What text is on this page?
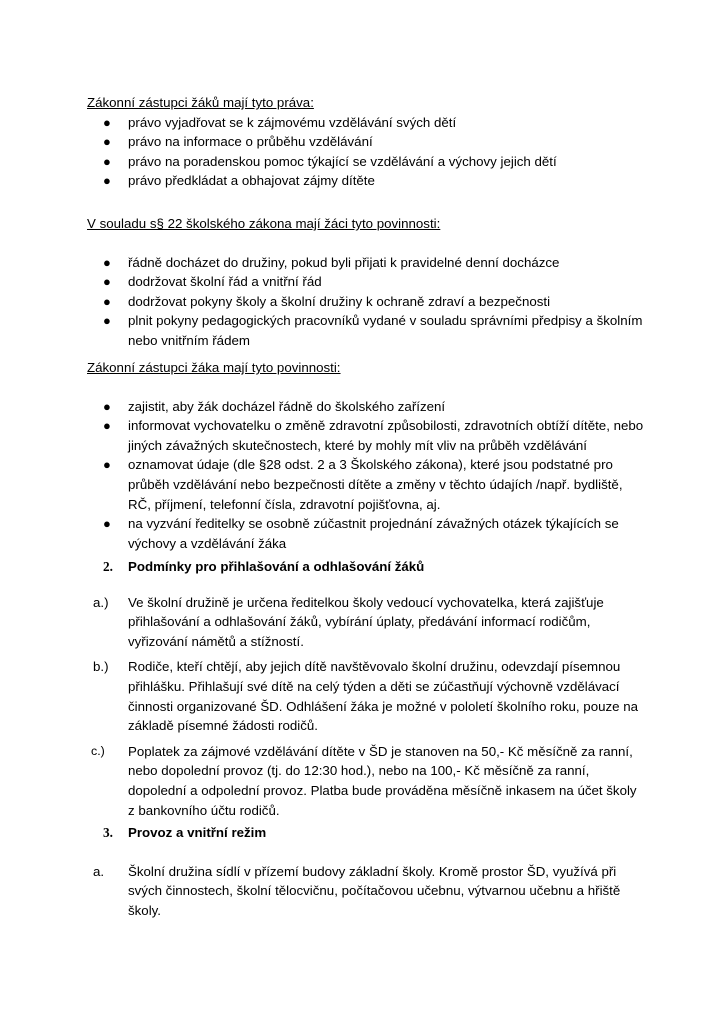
Zákonní zástupci žáků mají tyto práva:

● právo vyjadřovat se k zájmovému vzdělávání svých dětí
● právo na informace o průběhu vzdělávání
● právo na poradenskou pomoc týkající se vzdělávání a výchovy jejich dětí
● právo předkládat a obhajovat zájmy dítěte

V souladu s§ 22 školského zákona mají žáci tyto povinnosti:

● řádně docházet do družiny, pokud byli přijati k pravidelné denní docházce
● dodržovat školní řád a vnitřní řád
● dodržovat pokyny školy a školní družiny k ochraně zdraví a bezpečnosti
● plnit pokyny pedagogických pracovníků vydané v souladu správními předpisy a školním nebo vnitřním řádem

Zákonní zástupci žáka mají tyto povinnosti:

● zajistit, aby žák docházel řádně do školského zařízení
● informovat vychovatelku o změně zdravotní způsobilosti, zdravotních obtíží dítěte, nebo jiných závažných skutečnostech, které by mohly mít vliv na průběh vzdělávání
● oznamovat údaje (dle §28 odst. 2 a 3 Školského zákona), které jsou podstatné pro průběh vzdělávání nebo bezpečnosti dítěte a změny v těchto údajích /např. bydliště, RČ, příjmení, telefonní čísla, zdravotní pojišťovna, aj.
● na vyzvání ředitelky se osobně zúčastnit projednání závažných otázek týkajících se výchovy a vzdělávání žáka

2. Podmínky pro přihlašování a odhlašování žáků

a.) Ve školní družině je určena ředitelkou školy vedoucí vychovatelka, která zajišťuje přihlašování a odhlašování žáků, vybírání úplaty, předávání informací rodičům, vyřizování námětů a stížností.
b.) Rodiče, kteří chtějí, aby jejich dítě navštěvovalo školní družinu, odevzdají písemnou přihlášku. Přihlašují své dítě na celý týden a děti se zúčastňují výchovně vzdělávací činnosti organizované ŠD. Odhlášení žáka je možné v pololetí školního roku, pouze na základě písemné žádosti rodičů.
c.) Poplatek za zájmové vzdělávání dítěte v ŠD je stanoven na 50,- Kč měsíčně za ranní, nebo dopolední provoz (tj. do 12:30 hod.), nebo na 100,- Kč měsíčně za ranní, dopolední a odpolední provoz. Platba bude prováděna měsíčně inkasem na účet školy z bankovního účtu rodičů.

3. Provoz a vnitřní režim

a. Školní družina sídlí v přízemí budovy základní školy. Kromě prostor ŠD, využívá při svých činnostech, školní tělocvičnu, počítačovou učebnu, výtvarnou učebnu a hřiště školy.
